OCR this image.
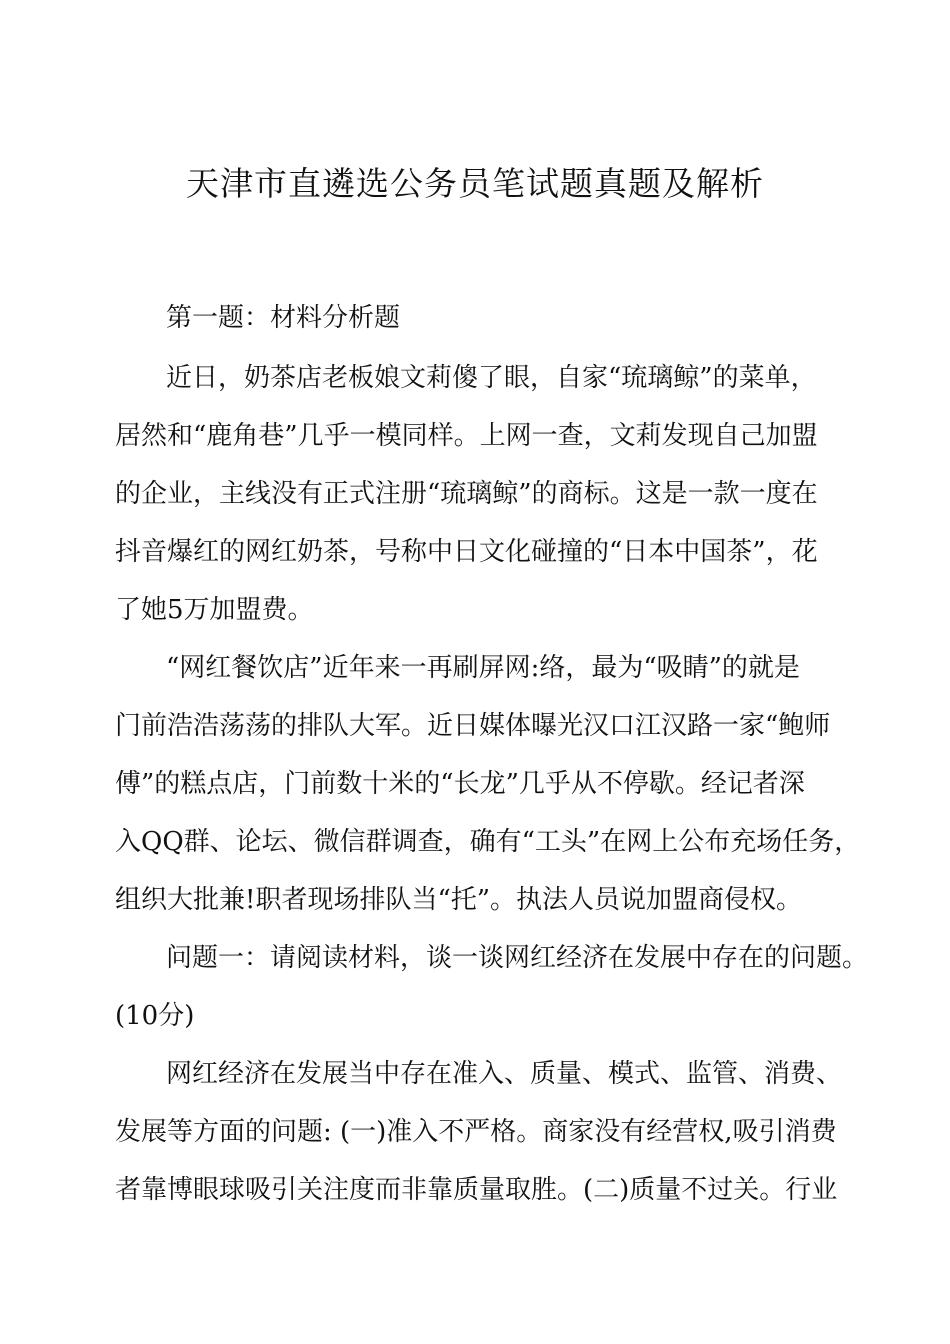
天津市直遴选公务员笔试题真题及解析
第一题：材料分析题
近日，奶茶店老板娘文莉傻了眼，自家“琉璃鲸”的菜单，
居然和“鹿角巷”几乎一模同样。上网一查，文莉发现自己加盟
的企业，主线没有正式注册“琉璃鲸”的商标。这是一款一度在
抖音爆红的网红奶茶，号称中日文化碰撞的“日本中国茶”，花
了她5万加盟费。
“网红餐饮店”近年来一再刷屏网:络，最为“吸睛”的就是
门前浩浩荡荡的排队大军。近日媒体曝光汉口江汉路一家“鲍师
傅”的糕点店，门前数十米的“长龙”几乎从不停歇。经记者深
入QQ群、论坛、微信群调查，确有“工头”在网上公布充场任务，
组织大批兼!职者现场排队当“托”。执法人员说加盟商侵权。
问题一：请阅读材料，谈一谈网红经济在发展中存在的问题。
(10分)
网红经济在发展当中存在准入、质量、模式、监管、消费、
发展等方面的问题: (一)准入不严格。商家没有经营权,吸引消费
者靠博眼球吸引关注度而非靠质量取胜。(二)质量不过关。行业
